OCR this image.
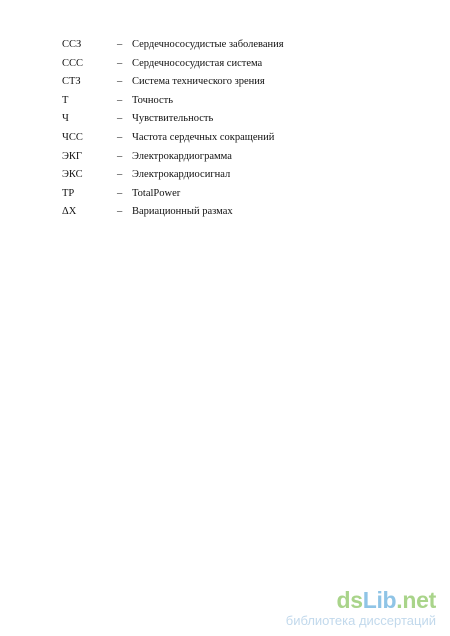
ССЗ	– Сердечнососудистые заболевания
ССС	– Сердечнососудистая система
СТЗ	– Система технического зрения
Т	– Точность
Ч	– Чувствительность
ЧСС	– Частота сердечных сокращений
ЭКГ	– Электрокардиограмма
ЭКС	– Электрокардиосигнал
TP	– TotalPower
ΔX	– Вариационный размах
dsLib.net
библиотека диссертаций
